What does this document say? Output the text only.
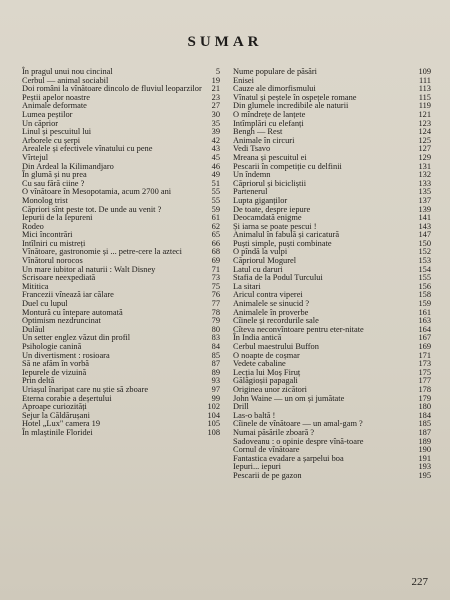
SUMAR
În pragul unui nou cincinal	5
Cerbul — animal sociabil	19
Doi români la vînătoare dincolo de fluviul leoparzilor	21
Peștii apelor noastre	23
Animale deformate	27
Lumea peștilor	30
Un căprior	35
Linul și pescuitul lui	39
Arborele cu șerpi	42
Arealele și efectivele vînatului cu pene	43
Vîrtejul	45
Din Ardeal la Kilimandjaro	46
În glumă și nu prea	49
Cu sau fără ciine ?	51
O vînătoare în Mesopotamia, acum 2700 ani	55
Monolog trist	55
Căpriori sînt peste tot. De unde au venit ?	59
Iepurii de la Iepureni	61
Rodeo	62
Mici încontrări	65
Intîlniri cu mistreți	66
Vînătoare, gastronomie și ... petre-cere la azteci	68
Vînătorul norocos	69
Un mare iubitor al naturii : Walt Disney	71
Scrisoare neexpediată	73
Mititica	75
Francezii vînează iar călare	76
Duel cu lupul	77
Montură cu întepare automată	78
Optimism nezdruncinat	79
Dulăul	80
Un setter englez văzut din profil	83
Psihologie canină	84
Un divertisment : rosioara	85
Să ne afăm în vorbă	87
Iepurele de vizuină	89
Prin deltă	93
Uriașul înaripat care nu știe să zboare	97
Eterna corabie a deșertului	99
Aproape curiozități	102
Sejur la Căldărușani	104
Hotel „Lux" camera 19	105
În mlaștinile Floridei	108
Nume populare de păsări	109
Enisei	111
Cauze ale dimorfismului	113
Vînatul și peștele în ospețele romane	115
Din glumele incredibile ale naturii	119
O mîndrețe de lanțete	121
Intîmplări cu elefanți	123
Bengh — Rest	124
Animale în circuri	125
Vedi Tsavo	127
Mreana și pescuitul ei	129
Pescarii în competiție cu delfinii	131
Un îndemn	132
Căpriorul și bicicliștii	133
Partenerul	135
Lupta giganților	137
De toate, despre iepure	139
Deocamdată enigme	141
Și iarna se poate pescui !	143
Animalul în fabulă și caricatură	147
Puști simple, puști combinate	150
O pîndă la vulpi	152
Căpriorul Mogurel	153
Latul cu daruri	154
Stafia de la Podul Turcului	155
La sitari	156
Aricul contra viperei	158
Animalele se sinucid ?	159
Animalele în proverbe	161
Cîinele și recordurile sale	163
Cîteva neconvîntoare pentru eter-nitate	164
În India antică	167
Cerbul maestrului Buffon	169
O noapte de coșmar	171
Vedete cabaline	173
Lecția lui Moș Firuț	175
Gălăgioșii papagali	177
Originea unor zicători	178
John Waine — un om și jumătate	179
Drill	180
Las-o baltă !	184
Cîinele de vînătoare — un amal-gam ?	185
Numai păsările zboară ?	187
Sadoveanu : o opinie despre vînă-toare	189
Cornul de vînătoare	190
Fantastica evadare a șarpelui boa	191
Iepuri... iepuri	193
Pescarii de pe gazon	195
227
